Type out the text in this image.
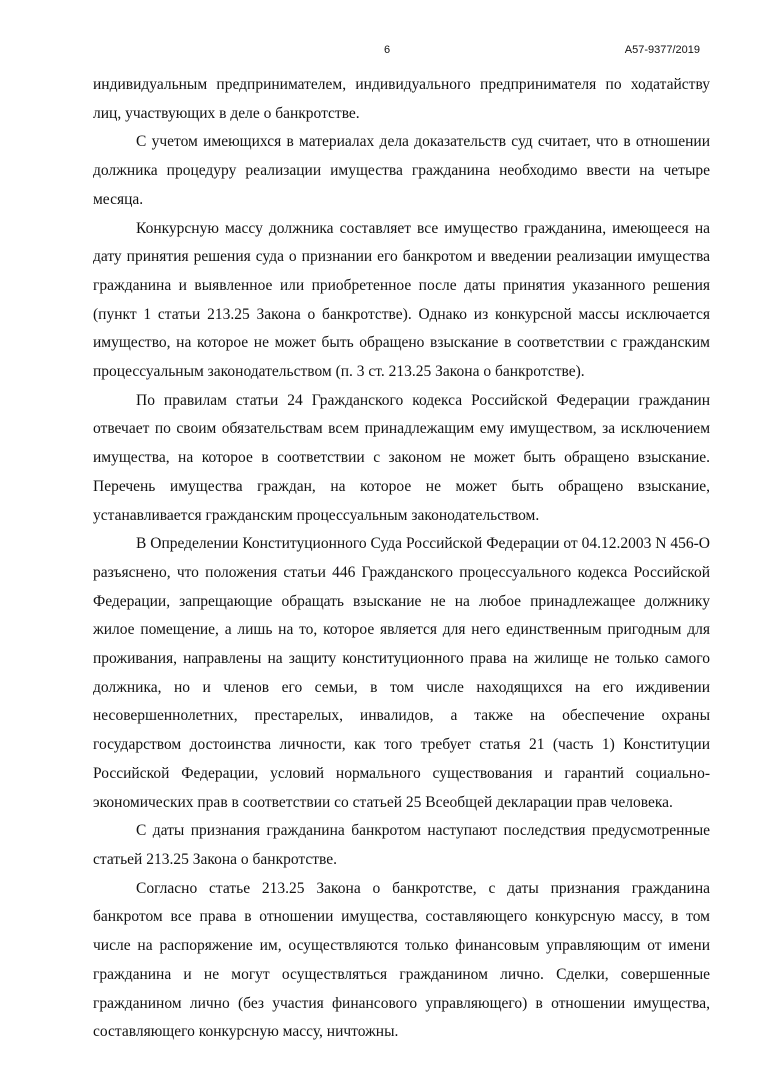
6	А57-9377/2019

индивидуальным предпринимателем, индивидуального предпринимателя по ходатайству лиц, участвующих в деле о банкротстве.

С учетом имеющихся в материалах дела доказательств суд считает, что в отношении должника процедуру реализации имущества гражданина необходимо ввести на четыре месяца.

Конкурсную массу должника составляет все имущество гражданина, имеющееся на дату принятия решения суда о признании его банкротом и введении реализации имущества гражданина и выявленное или приобретенное после даты принятия указанного решения (пункт 1 статьи 213.25 Закона о банкротстве). Однако из конкурсной массы исключается имущество, на которое не может быть обращено взыскание в соответствии с гражданским процессуальным законодательством (п. 3 ст. 213.25 Закона о банкротстве).

По правилам статьи 24 Гражданского кодекса Российской Федерации гражданин отвечает по своим обязательствам всем принадлежащим ему имуществом, за исключением имущества, на которое в соответствии с законом не может быть обращено взыскание. Перечень имущества граждан, на которое не может быть обращено взыскание, устанавливается гражданским процессуальным законодательством.

В Определении Конституционного Суда Российской Федерации от 04.12.2003 N 456-О разъяснено, что положения статьи 446 Гражданского процессуального кодекса Российской Федерации, запрещающие обращать взыскание не на любое принадлежащее должнику жилое помещение, а лишь на то, которое является для него единственным пригодным для проживания, направлены на защиту конституционного права на жилище не только самого должника, но и членов его семьи, в том числе находящихся на его иждивении несовершеннолетних, престарелых, инвалидов, а также на обеспечение охраны государством достоинства личности, как того требует статья 21 (часть 1) Конституции Российской Федерации, условий нормального существования и гарантий социально-экономических прав в соответствии со статьей 25 Всеобщей декларации прав человека.

С даты признания гражданина банкротом наступают последствия предусмотренные статьей 213.25 Закона о банкротстве.

Согласно статье 213.25 Закона о банкротстве, с даты признания гражданина банкротом все права в отношении имущества, составляющего конкурсную массу, в том числе на распоряжение им, осуществляются только финансовым управляющим от имени гражданина и не могут осуществляться гражданином лично. Сделки, совершенные гражданином лично (без участия финансового управляющего) в отношении имущества, составляющего конкурсную массу, ничтожны.
